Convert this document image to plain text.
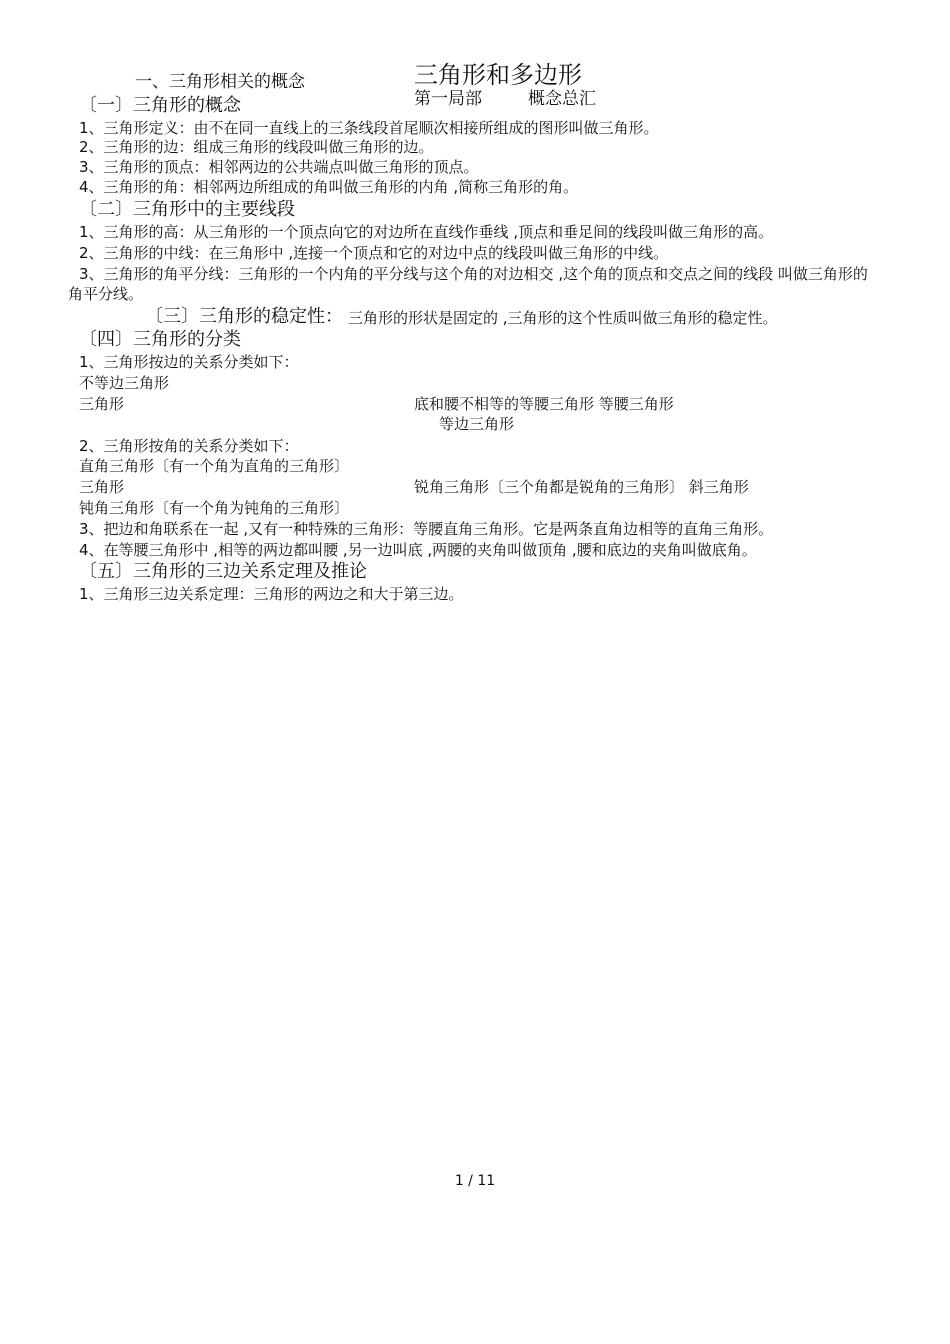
三角形和多边形
一、三角形相关的概念
第一局部	概念总汇
〔一〕三角形的概念
1、三角形定义：由不在同一直线上的三条线段首尾顺次相接所组成的图形叫做三角形。
2、三角形的边：组成三角形的线段叫做三角形的边。
3、三角形的顶点：相邻两边的公共端点叫做三角形的顶点。
4、三角形的角：相邻两边所组成的角叫做三角形的内角 ,简称三角形的角。
〔二〕三角形中的主要线段
1、三角形的高：从三角形的一个顶点向它的对边所在直线作垂线 ,顶点和垂足间的线段叫做三角形的高。
2、三角形的中线：在三角形中 ,连接一个顶点和它的对边中点的线段叫做三角形的中线。
3、三角形的角平分线：三角形的一个内角的平分线与这个角的对边相交 ,这个角的顶点和交点之间的线段 叫做三角形的角平分线。
〔三〕三角形的稳定性： 三角形的形状是固定的 ,三角形的这个性质叫做三角形的稳定性。
〔四〕三角形的分类
1、三角形按边的关系分类如下：
不等边三角形
三角形	底和腰不相等的等腰三角形 等腰三角形
等边三角形
2、三角形按角的关系分类如下：
直角三角形〔有一个角为直角的三角形〕
三角形	锐角三角形〔三个角都是锐角的三角形〕 斜三角形
钝角三角形〔有一个角为钝角的三角形〕
3、把边和角联系在一起 ,又有一种特殊的三角形：等腰直角三角形。它是两条直角边相等的直角三角形。
4、在等腰三角形中 ,相等的两边都叫腰 ,另一边叫底 ,两腰的夹角叫做顶角 ,腰和底边的夹角叫做底角。
〔五〕三角形的三边关系定理及推论
1、三角形三边关系定理：三角形的两边之和大于第三边。
1 / 11
